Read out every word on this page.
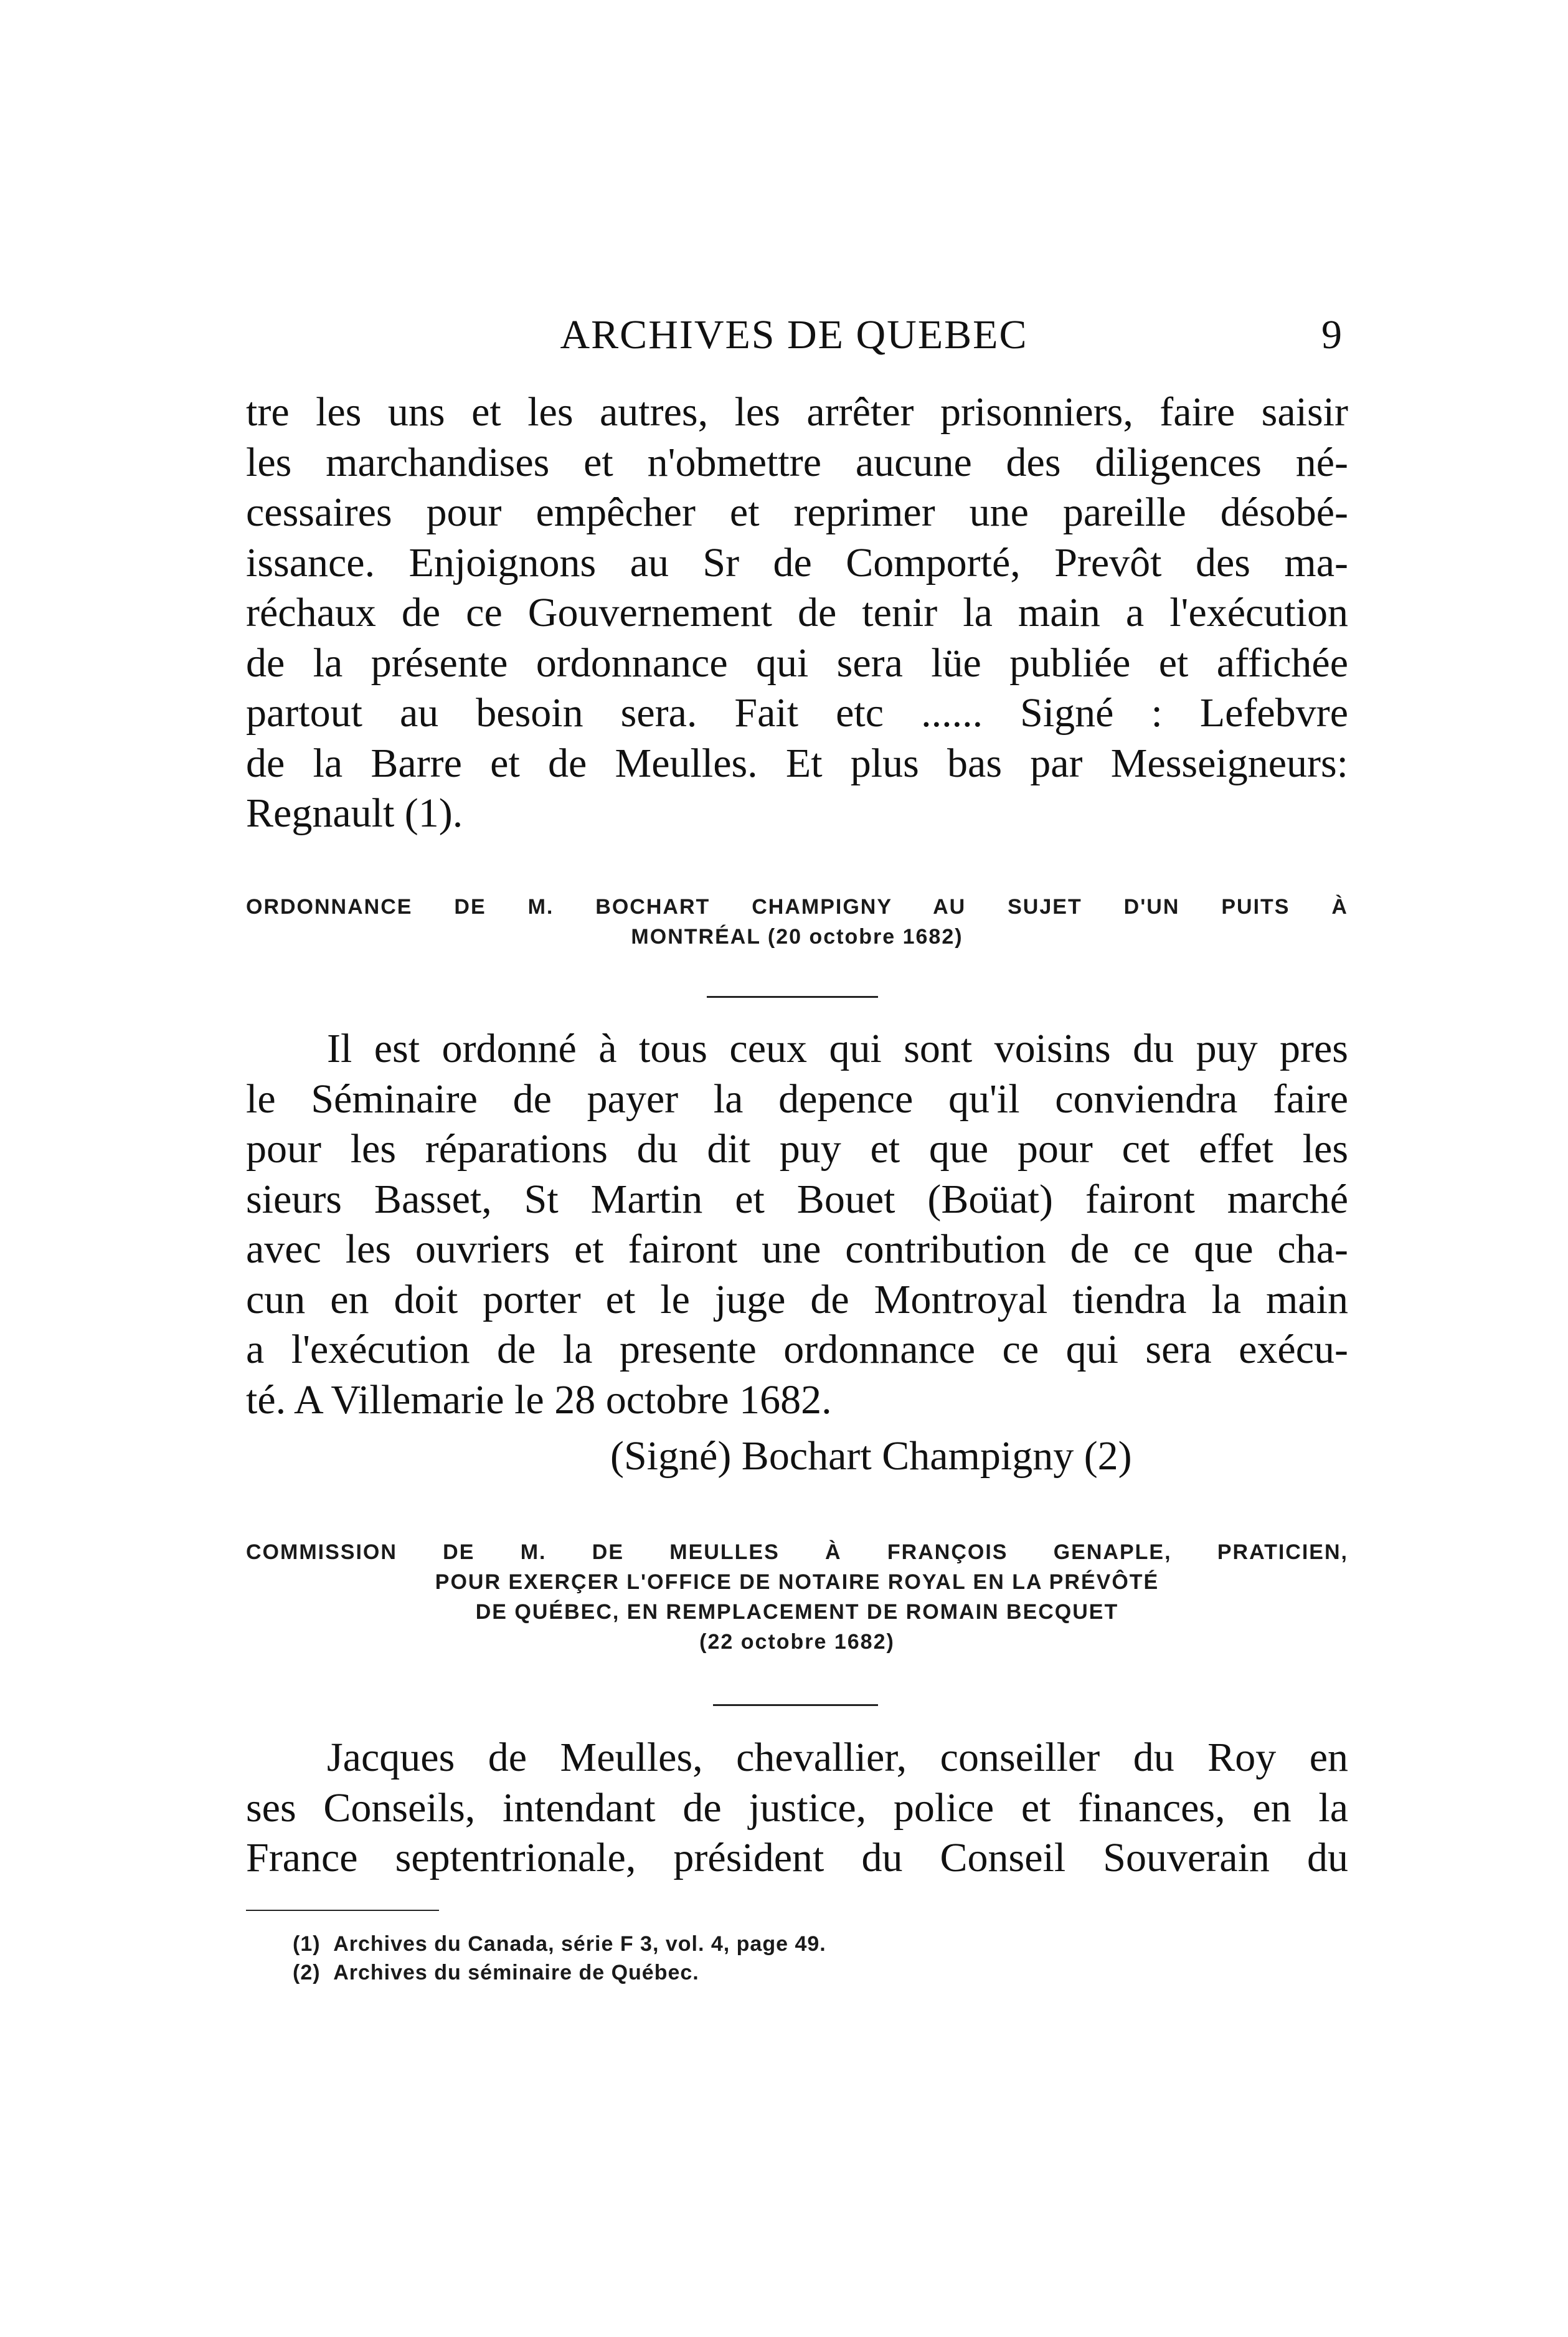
ARCHIVES DE QUEBEC	9

tre les uns et les autres, les arrêter prisonniers, faire saisir
les marchandises et n'obmettre aucune des diligences né-
cessaires pour empêcher et reprimer une pareille désobé-
issance. Enjoignons au Sr de Comporté, Prevôt des ma-
réchaux de ce Gouvernement de tenir la main a l'exécution
de la présente ordonnance qui sera lüe publiée et affichée
partout au besoin sera. Fait etc ...... Signé : Lefebvre
de la Barre et de Meulles. Et plus bas par Messeigneurs:
Regnault (1).

ORDONNANCE DE M. BOCHART CHAMPIGNY AU SUJET D'UN PUITS À
MONTRÉAL (20 octobre 1682)

Il est ordonné à tous ceux qui sont voisins du puy pres
le Séminaire de payer la depence qu'il conviendra faire
pour les réparations du dit puy et que pour cet effet les
sieurs Basset, St Martin et Bouet (Boüat) fairont marché
avec les ouvriers et fairont une contribution de ce que cha-
cun en doit porter et le juge de Montroyal tiendra la main
a l'exécution de la presente ordonnance ce qui sera exécu-
té. A Villemarie le 28 octobre 1682.

(Signé) Bochart Champigny (2)
COMMISSION DE M. DE MEULLES À FRANÇOIS GENAPLE, PRATICIEN,
POUR EXERÇER L'OFFICE DE NOTAIRE ROYAL EN LA PRÉVÔTÉ
DE QUÉBEC, EN REMPLACEMENT DE ROMAIN BECQUET
(22 octobre 1682)

Jacques de Meulles, chevallier, conseiller du Roy en
ses Conseils, intendant de justice, police et finances, en la
France septentrionale, président du Conseil Souverain du

(1) Archives du Canada, série F 3, vol. 4, page 49.
(2) Archives du séminaire de Québec.
